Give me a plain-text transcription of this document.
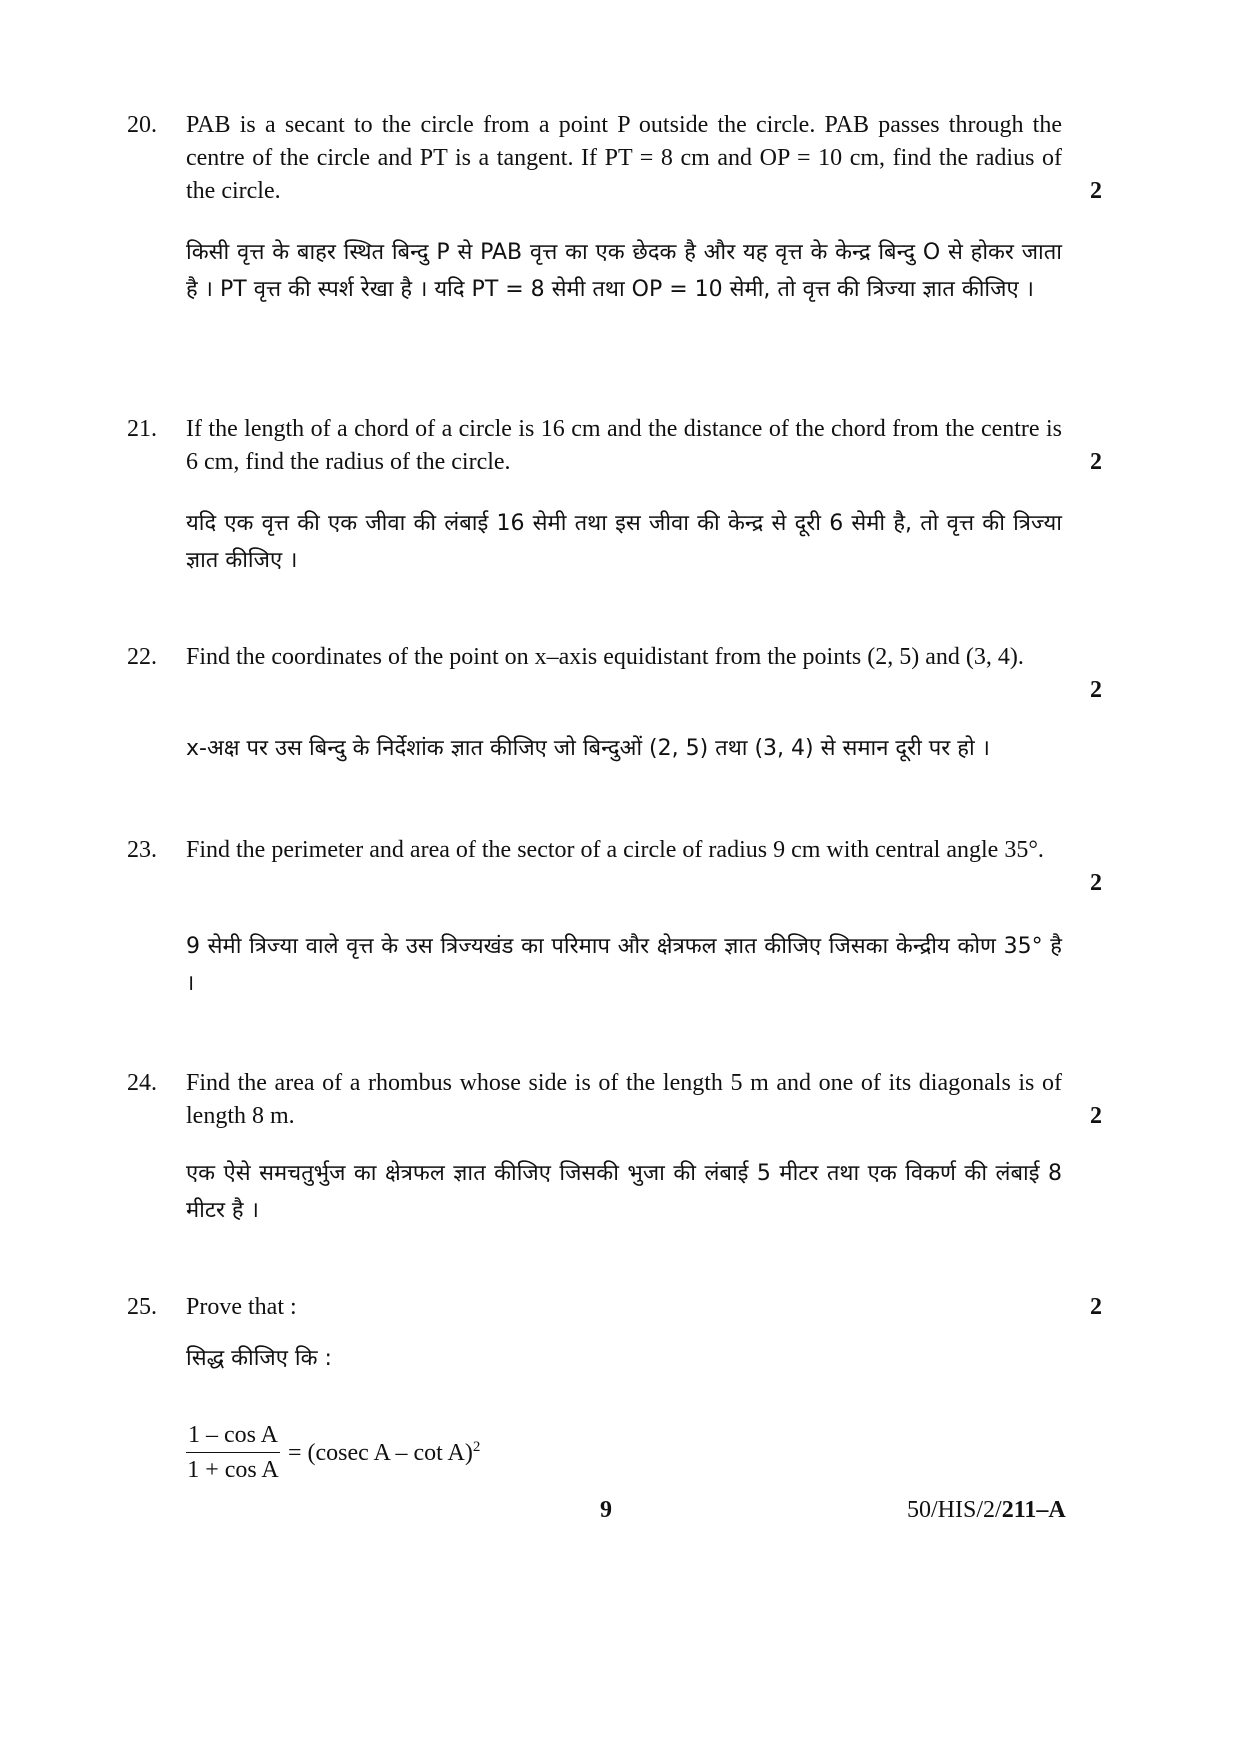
20. PAB is a secant to the circle from a point P outside the circle. PAB passes through the centre of the circle and PT is a tangent. If PT = 8 cm and OP = 10 cm, find the radius of the circle.	2
किसी वृत्त के बाहर स्थित बिन्दु P से PAB वृत्त का एक छेदक है और यह वृत्त के केन्द्र बिन्दु O से होकर जाता है । PT वृत्त की स्पर्श रेखा है । यदि PT = 8 सेमी तथा OP = 10 सेमी, तो वृत्त की त्रिज्या ज्ञात कीजिए ।
21. If the length of a chord of a circle is 16 cm and the distance of the chord from the centre is 6 cm, find the radius of the circle.	2
यदि एक वृत्त की एक जीवा की लंबाई 16 सेमी तथा इस जीवा की केन्द्र से दूरी 6 सेमी है, तो वृत्त की त्रिज्या ज्ञात कीजिए ।
22. Find the coordinates of the point on x–axis equidistant from the points (2, 5) and (3, 4).
2
x-अक्ष पर उस बिन्दु के निर्देशांक ज्ञात कीजिए जो बिन्दुओं (2, 5) तथा (3, 4) से समान दूरी पर हो ।
23. Find the perimeter and area of the sector of a circle of radius 9 cm with central angle 35°.
2
9 सेमी त्रिज्या वाले वृत्त के उस त्रिज्यखंड का परिमाप और क्षेत्रफल ज्ञात कीजिए जिसका केन्द्रीय कोण 35° है ।
24. Find the area of a rhombus whose side is of the length 5 m and one of its diagonals is of length 8 m.	2
एक ऐसे समचतुर्भुज का क्षेत्रफल ज्ञात कीजिए जिसकी भुजा की लंबाई 5 मीटर तथा एक विकर्ण की लंबाई 8 मीटर है ।
25. Prove that :	2
सिद्ध कीजिए कि :
$\frac{\text{1 – cos A}}{\text{1 + cos A}} = (cosec$ A – cot A)$^2$
9	50/HIS/2/211–A
